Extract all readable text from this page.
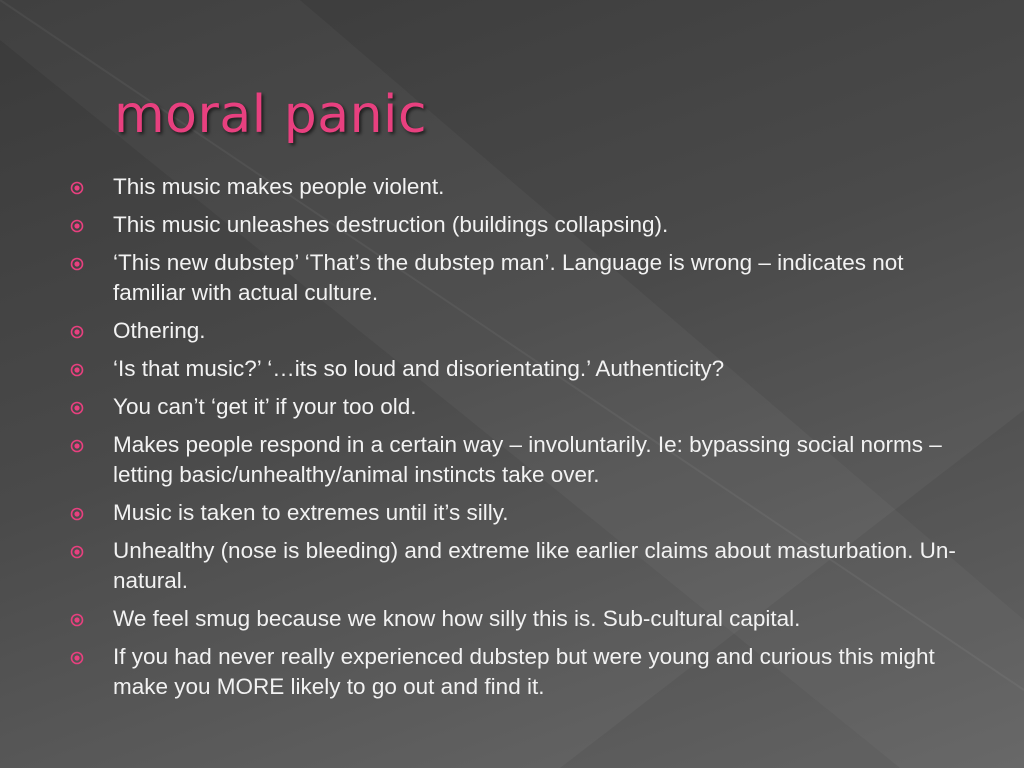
moral panic
This music makes people violent.
This music unleashes destruction (buildings collapsing).
‘This new dubstep’ ‘That’s the dubstep man’. Language is wrong – indicates not familiar with actual culture.
Othering.
‘Is that music?’ ‘…its so loud and disorientating.’ Authenticity?
You can’t ‘get it’ if your too old.
Makes people respond in a certain way – involuntarily. Ie: bypassing social norms – letting basic/unhealthy/animal instincts take over.
Music is taken to extremes until it’s silly.
Unhealthy (nose is bleeding) and extreme like earlier claims about masturbation. Un-natural.
We feel smug because we know how silly this is. Sub-cultural capital.
If you had never really experienced dubstep but were young and curious this might make you MORE likely to go out and find it.
